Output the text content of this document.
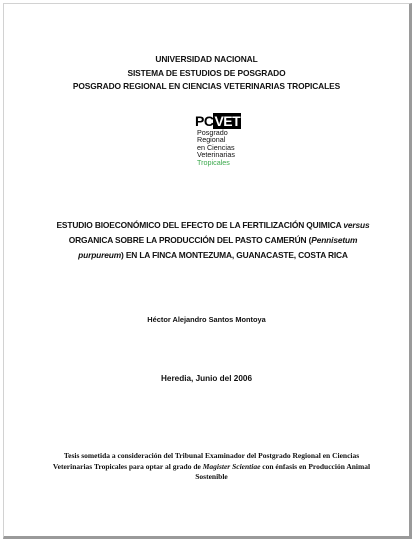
UNIVERSIDAD NACIONAL
SISTEMA DE ESTUDIOS DE POSGRADO
POSGRADO REGIONAL EN CIENCIAS VETERINARIAS TROPICALES
PCVET
Posgrado
Regional
en Ciencias
Veterinarias
Tropicales
ESTUDIO BIOECONÓMICO DEL EFECTO DE LA FERTILIZACIÓN QUIMICA versus ORGANICA SOBRE LA PRODUCCIÓN DEL PASTO CAMERÚN (Pennisetum purpureum) EN LA FINCA MONTEZUMA, GUANACASTE, COSTA RICA
Héctor Alejandro Santos Montoya
Heredia, Junio del 2006
Tesis sometida a consideración del Tribunal Examinador del Postgrado Regional en Ciencias Veterinarias Tropicales para optar al grado de Magister Scientiae con énfasis en Producción Animal Sostenible
